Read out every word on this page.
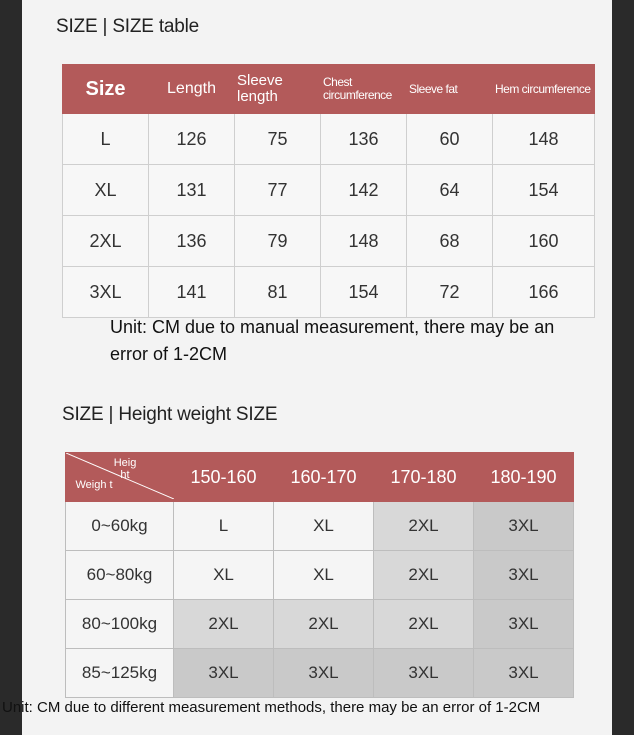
SIZE | SIZE table
Size	Length	Sleeve length	Chest circumference	Sleeve fat	Hem circumference
L	126	75	136	60	148
XL	131	77	142	64	154
2XL	136	79	148	68	160
3XL	141	81	154	72	166
Unit: CM due to manual measurement, there may be an error of 1-2CM
SIZE | Height weight SIZE
Heig ht
Weigh t	150-160	160-170	170-180	180-190
0~60kg	L	XL	2XL	3XL
60~80kg	XL	XL	2XL	3XL
80~100kg	2XL	2XL	2XL	3XL
85~125kg	3XL	3XL	3XL	3XL
Unit: CM due to different measurement methods, there may be an error of 1-2CM
